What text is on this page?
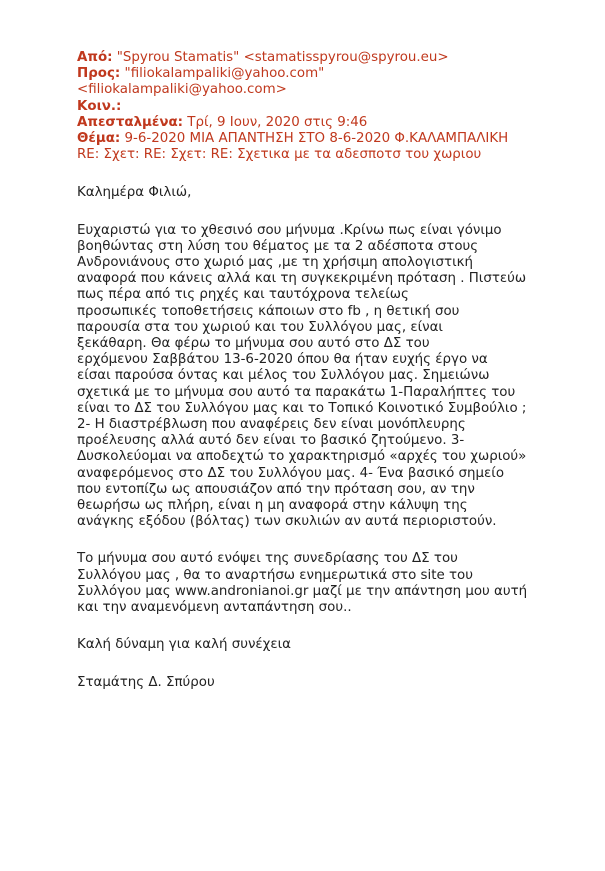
Από: "Spyrou Stamatis" <stamatisspyrou@spyrou.eu>
Προς: "filiokalampaliki@yahoo.com"
<filiokalampaliki@yahoo.com>
Κοιν.:
Απεσταλμένα: Τρί, 9 Ιουν, 2020 στις 9:46
Θέμα: 9-6-2020 ΜΙΑ ΑΠΑΝΤΗΣΗ ΣΤΟ 8-6-2020 Φ.ΚΑΛΑΜΠΑΛΙΚΗ
RE: Σχετ: RE: Σχετ: RE: Σχετικα με τα αδεσποτσ του χωριου

Καλημέρα Φιλιώ,

Ευχαριστώ για το χθεσινό σου μήνυμα .Κρίνω πως είναι γόνιμο
βοηθώντας στη λύση του θέματος με τα 2 αδέσποτα στους
Ανδρονιάνους στο χωριό μας ,με τη χρήσιμη απολογιστική
αναφορά που κάνεις αλλά και τη συγκεκριμένη πρόταση . Πιστεύω
πως πέρα από τις ρηχές και ταυτόχρονα τελείως
προσωπικές τοποθετήσεις κάποιων στο fb , η θετική σου
παρουσία στα του χωριού και του Συλλόγου μας, είναι
ξεκάθαρη. Θα φέρω το μήνυμα σου αυτό στο ΔΣ του
ερχόμενου Σαββάτου 13-6-2020 όπου θα ήταν ευχής έργο να
είσαι παρούσα όντας και μέλος του Συλλόγου μας. Σημειώνω
σχετικά με το μήνυμα σου αυτό τα παρακάτω 1-Παραλήπτες του
είναι το ΔΣ του Συλλόγου μας και το Τοπικό Κοινοτικό Συμβούλιο ;
2- Η διαστρέβλωση που αναφέρεις δεν είναι μονόπλευρης
προέλευσης αλλά αυτό δεν είναι το βασικό ζητούμενο. 3-
Δυσκολεύομαι να αποδεχτώ το χαρακτηρισμό «αρχές του χωριού»
αναφερόμενος στο ΔΣ του Συλλόγου μας. 4- Ένα βασικό σημείο
που εντοπίζω ως απουσιάζον από την πρόταση σου, αν την
θεωρήσω ως πλήρη, είναι η μη αναφορά στην κάλυψη της
ανάγκης εξόδου (βόλτας) των σκυλιών αν αυτά περιοριστούν.

Το μήνυμα σου αυτό ενόψει της συνεδρίασης του ΔΣ του
Συλλόγου μας , θα το αναρτήσω ενημερωτικά στο site του
Συλλόγου μας www.andronianoi.gr μαζί με την απάντηση μου αυτή
και την αναμενόμενη ανταπάντηση σου..

Καλή δύναμη για καλή συνέχεια

Σταμάτης Δ. Σπύρου
